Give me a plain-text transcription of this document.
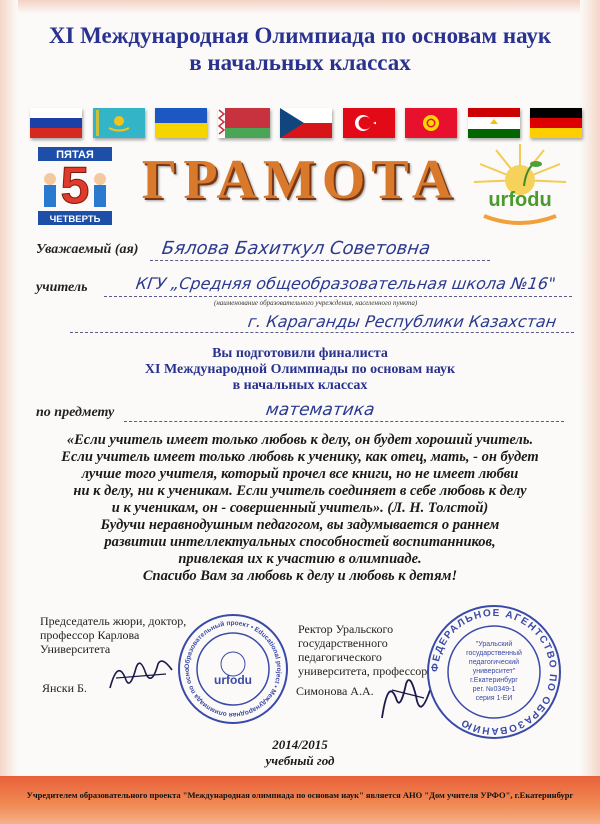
XI Международная Олимпиада по основам наук
в начальных классах
ПЯТАЯ
5
ЧЕТВЕРТЬ
ГРАМОТА	urfodu
Уважаемый (ая) Бялова Бахиткул Советовна
учитель	КГУ „Средняя общеобразовательная школа №16"
(наименование образовательного учреждения, населенного пункта)
г. Караганды Республики Казахстан
Вы подготовили финалиста
XI Международной Олимпиады по основам наук
в начальных классах
по предмету	математика
«Если учитель имеет только любовь к делу, он будет хороший учитель.
Если учитель имеет только любовь к ученику, как отец, мать, - он будет
лучше того учителя, который прочел все книги, но не имеет любви
ни к делу, ни к ученикам. Если учитель соединяет в себе любовь к делу
и к ученикам, он - совершенный учитель». (Л. Н. Толстой)
Будучи неравнодушным педагогом, вы задумывается о раннем
развитии интеллектуальных способностей воспитанников,
привлекая их к участию в олимпиаде.
Спасибо Вам за любовь к делу и любовь к детям!
Председатель жюри, доктор,
профессор Карлова
Университета
Янски Б.
Образовательный проект • Educational project • Международная олимпиада по осно
urfodu
Ректор Уральского
государственного
педагогического
университета, профессор
Симонова А.А.
ФЕДЕРАЛЬНОЕ АГЕНТСТВО ПО ОБРАЗОВАНИЮ
"Уральский
государственный
педагогический
университет"
г.Екатеринбург
рег. №0349-1
серия 1-ЕИ
2014/2015
учебный год
Учредителем образовательного проекта "Международная олимпиада по основам наук" является АНО "Дом учителя УРФО", г.Екатеринбург
